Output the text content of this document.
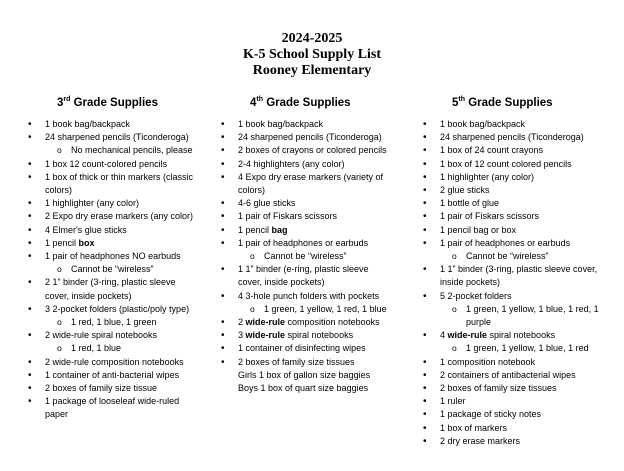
2024-2025
K-5 School Supply List
Rooney Elementary
3rd Grade Supplies
• 1 book bag/backpack
• 24 sharpened pencils (Ticonderoga)
o No mechanical pencils, please
• 1 box 12 count-colored pencils
• 1 box of thick or thin markers (classic
colors)
• 1 highlighter (any color)
• 2 Expo dry erase markers (any color)
• 4 Elmer's glue sticks
• 1 pencil box
• 1 pair of headphones NO earbuds
o Cannot be “wireless”
• 2 1” binder (3-ring, plastic sleeve
cover, inside pockets)
• 3 2-pocket folders (plastic/poly type)
o 1 red, 1 blue, 1 green
• 2 wide-rule spiral notebooks
o 1 red, 1 blue
• 2 wide-rule composition notebooks
• 1 container of anti-bacterial wipes
• 2 boxes of family size tissue
• 1 package of looseleaf wide-ruled
paper
4th Grade Supplies
• 1 book bag/backpack
• 24 sharpened pencils (Ticonderoga)
• 2 boxes of crayons or colored pencils
• 2-4 highlighters (any color)
• 4 Expo dry erase markers (variety of
colors)
• 4-6 glue sticks
• 1 pair of Fiskars scissors
• 1 pencil bag
• 1 pair of headphones or earbuds
o Cannot be “wireless”
• 1 1” binder (e-ring, plastic sleeve
cover, inside pockets)
• 4 3-hole punch folders with pockets
o 1 green, 1 yellow, 1 red, 1 blue
• 2 wide-rule composition notebooks
• 3 wide-rule spiral notebooks
• 1 container of disinfecting wipes
• 2 boxes of family size tissues
Girls 1 box of gallon size baggies
Boys 1 box of quart size baggies
5th Grade Supplies
• 1 book bag/backpack
• 24 sharpened pencils (Ticonderoga)
• 1 box of 24 count crayons
• 1 box of 12 count colored pencils
• 1 highlighter (any color)
• 2 glue sticks
• 1 bottle of glue
• 1 pair of Fiskars scissors
• 1 pencil bag or box
• 1 pair of headphones or earbuds
o Cannot be “wireless”
• 1 1” binder (3-ring, plastic sleeve cover,
inside pockets)
• 5 2-pocket folders
o 1 green, 1 yellow, 1 blue, 1 red, 1
purple
• 4 wide-rule spiral notebooks
o 1 green, 1 yellow, 1 blue, 1 red
• 1 composition notebook
• 2 containers of antibacterial wipes
• 2 boxes of family size tissues
• 1 ruler
• 1 package of sticky notes
• 1 box of markers
• 2 dry erase markers
